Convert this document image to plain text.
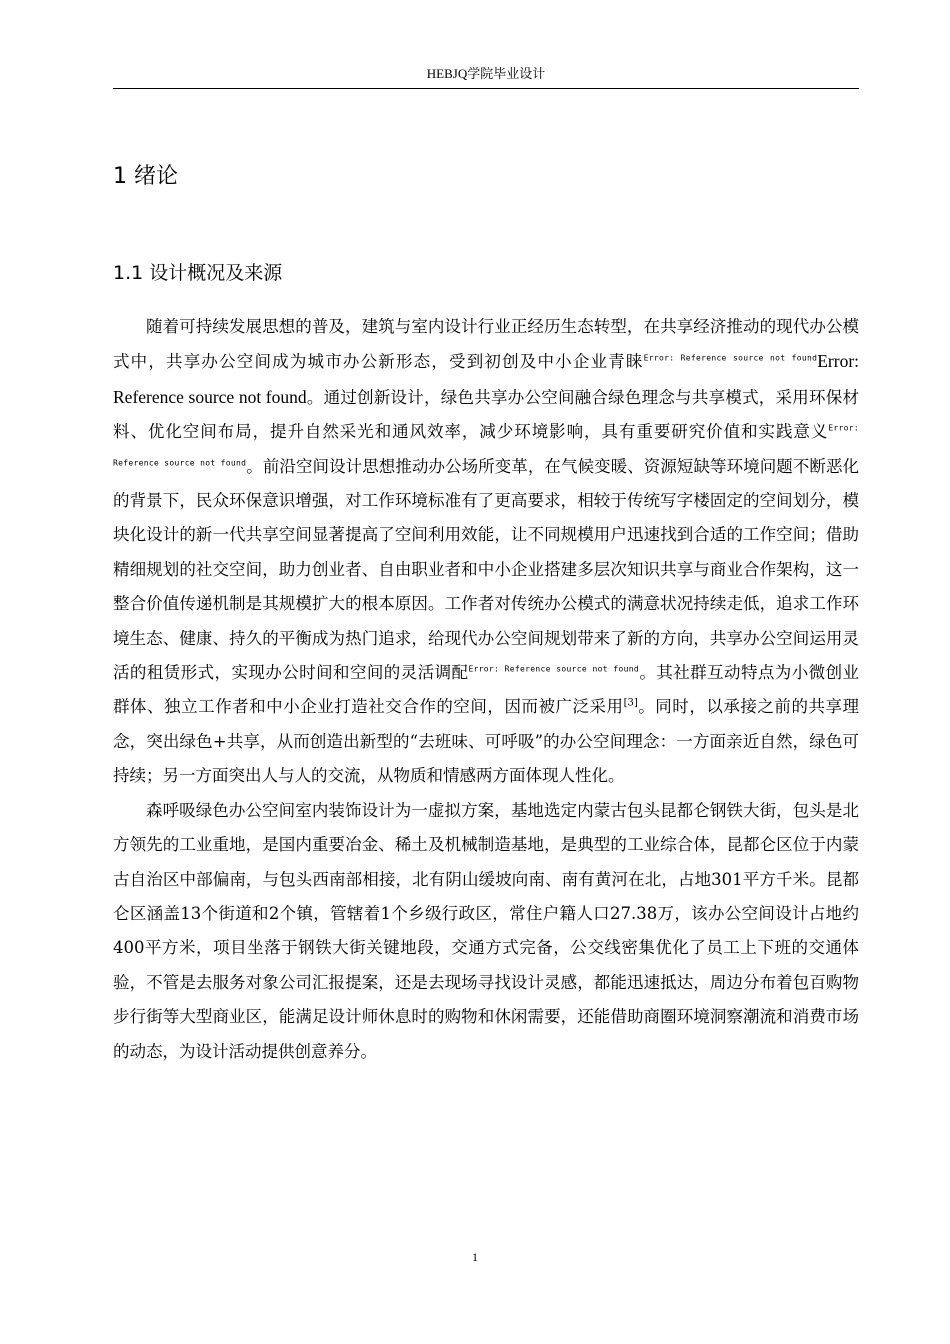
HEBJQ学院毕业设计
1 绪论
1.1 设计概况及来源

随着可持续发展思想的普及，建筑与室内设计行业正经历生态转型，在共享经济推动的现代办公模式中，共享办公空间成为城市办公新形态，受到初创及中小企业青睐$^{Error: Reference source not found}$Error: Reference source not found。通过创新设计，绿色共享办公空间融合绿色理念与共享模式，采用环保材料、优化空间布局，提升自然采光和通风效率，减少环境影响，具有重要研究价值和实践意义$^{Error: Reference source not found}$。前沿空间设计思想推动办公场所变革，在气候变暖、资源短缺等环境问题不断恶化的背景下，民众环保意识增强，对工作环境标准有了更高要求，相较于传统写字楼固定的空间划分，模块化设计的新一代共享空间显著提高了空间利用效能，让不同规模用户迅速找到合适的工作空间；借助精细规划的社交空间，助力创业者、自由职业者和中小企业搭建多层次知识共享与商业合作架构，这一整合价值传递机制是其规模扩大的根本原因。工作者对传统办公模式的满意状况持续走低，追求工作环境生态、健康、持久的平衡成为热门追求，给现代办公空间规划带来了新的方向，共享办公空间运用灵活的租赁形式，实现办公时间和空间的灵活调配$^{Error: Reference source not found}$。其社群互动特点为小微创业群体、独立工作者和中小企业打造社交合作的空间，因而被广泛采用[3]。同时，以承接之前的共享理念，突出绿色+共享，从而创造出新型的“去班味、可呼吸”的办公空间理念：一方面亲近自然，绿色可持续；另一方面突出人与人的交流，从物质和情感两方面体现人性化。

森呼吸绿色办公空间室内装饰设计为一虚拟方案，基地选定内蒙古包头昆都仑钢铁大街，包头是北方领先的工业重地，是国内重要冶金、稀土及机械制造基地，是典型的工业综合体，昆都仑区位于内蒙古自治区中部偏南，与包头西南部相接，北有阴山缓坡向南、南有黄河在北，占地301平方千米。昆都仑区涵盖13个街道和2个镇，管辖着1个乡级行政区，常住户籍人口27.38万，该办公空间设计占地约400平方米，项目坐落于钢铁大街关键地段，交通方式完备，公交线密集优化了员工上下班的交通体验，不管是去服务对象公司汇报提案，还是去现场寻找设计灵感，都能迅速抵达，周边分布着包百购物步行街等大型商业区，能满足设计师休息时的购物和休闲需要，还能借助商圈环境洞察潮流和消费市场的动态，为设计活动提供创意养分。

1
